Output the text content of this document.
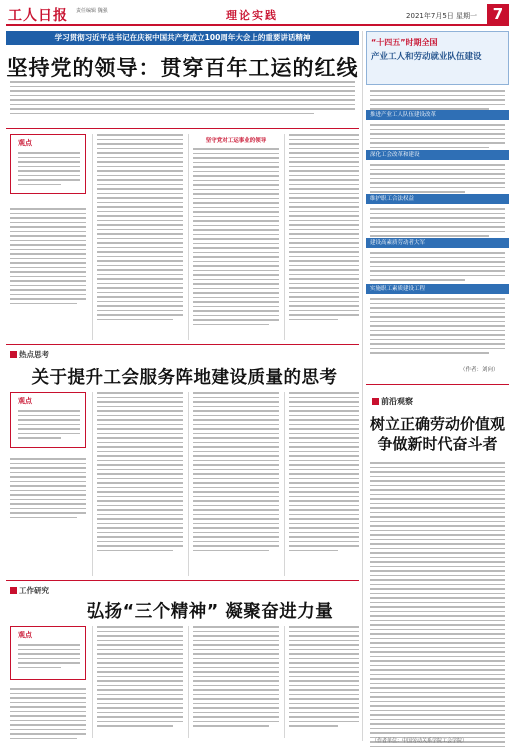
工人日报 责任编辑 魏强	理论实践	2021年7月5日 星期一	7
学习贯彻习近平总书记在庆祝中国共产党成立100周年大会上的重要讲话精神
坚持党的领导：贯穿百年工运的红线
观点	坚守党对工运事业的领导
“十四五”时期全国
产业工人和劳动就业队伍建设
推进产业工人队伍建设改革
深化工会改革和建设
维护职工合法权益
建设高素质劳动者大军
实施职工素质建设工程
（作者：刘向）
热点思考
关于提升工会服务阵地建设质量的思考
观点
工作研究
弘扬“三个精神” 凝聚奋进力量
观点
前沿观察
树立正确劳动价值观 争做新时代奋斗者
（作者单位：中国劳动关系学院工会学院）
